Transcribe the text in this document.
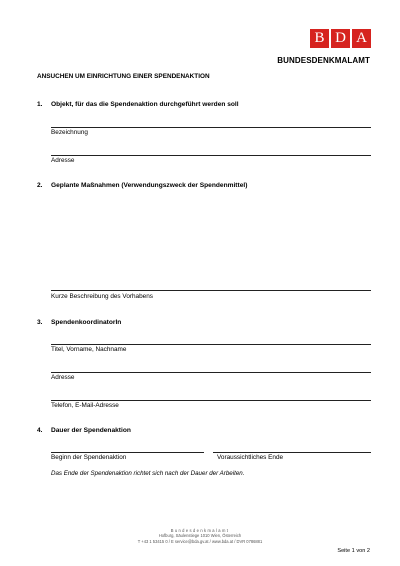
B D A
BUNDESDENKMALAMT
ANSUCHEN UM EINRICHTUNG EINER SPENDENAKTION
1. Objekt, für das die Spendenaktion durchgeführt werden soll
Bezeichnung
Adresse
2. Geplante Maßnahmen (Verwendungszweck der Spendenmittel)
Kurze Beschreibung des Vorhabens
3. SpendenkoordinatorIn
Titel, Vorname, Nachname
Adresse
Telefon, E-Mail-Adresse
4. Dauer der Spendenaktion
Beginn der Spendenaktion	Voraussichtliches Ende
Das Ende der Spendenaktion richtet sich nach der Dauer der Arbeiten.
Bundesdenkmalamt
Hofburg, Säulenstiege 1010 Wien, Österreich
T +43 1 53415 0 / E service@bda.gv.at / www.bda.at / DVR 0786881
Seite 1 von 2
